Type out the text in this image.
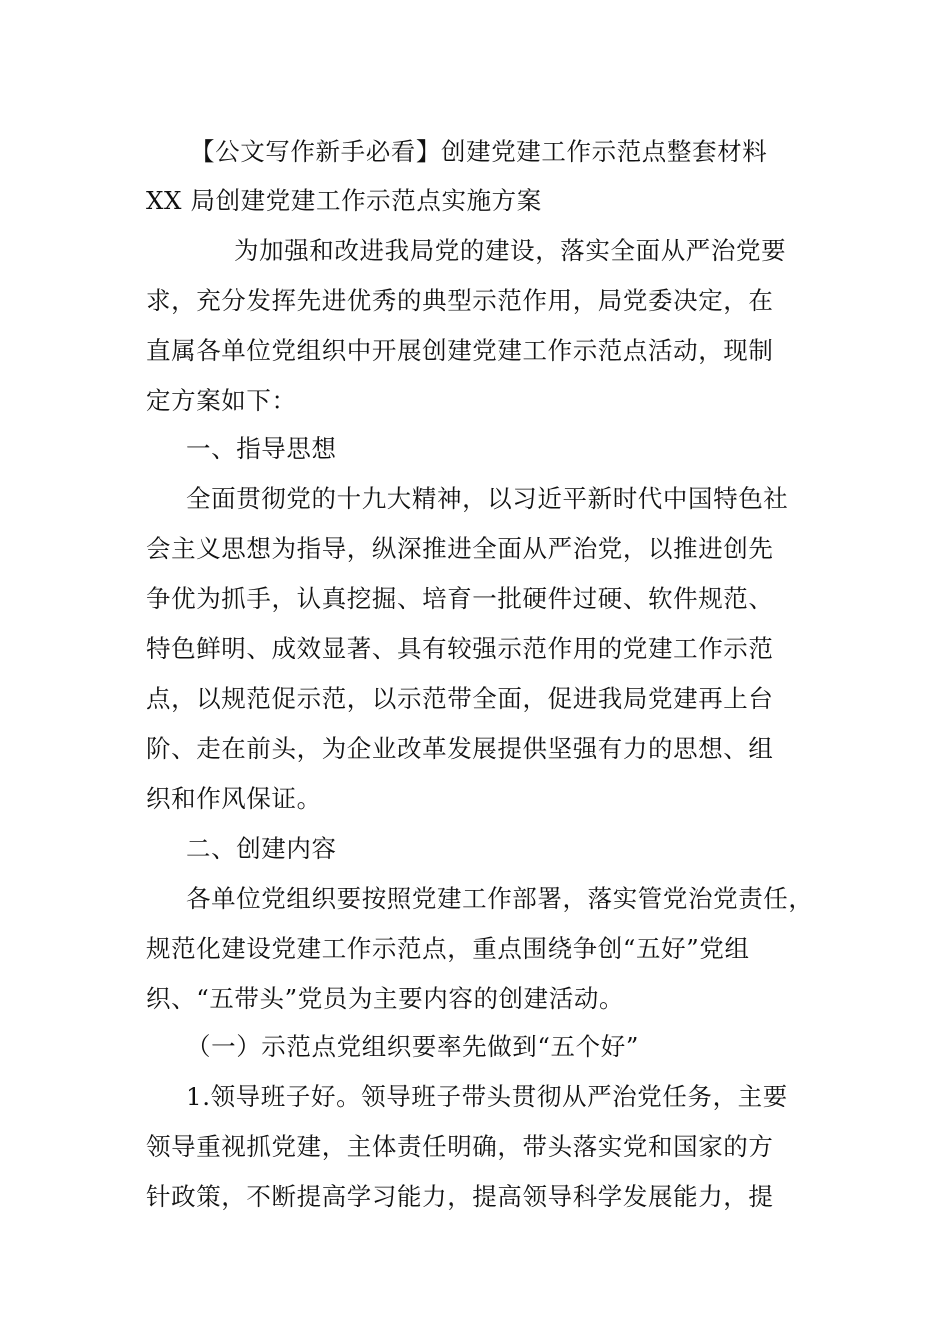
【公文写作新手必看】创建党建工作示范点整套材料
XX 局创建党建工作示范点实施方案
为加强和改进我局党的建设，落实全面从严治党要
求，充分发挥先进优秀的典型示范作用，局党委决定，在
直属各单位党组织中开展创建党建工作示范点活动，现制
定方案如下：
一、指导思想
全面贯彻党的十九大精神，以习近平新时代中国特色社
会主义思想为指导，纵深推进全面从严治党，以推进创先
争优为抓手，认真挖掘、培育一批硬件过硬、软件规范、
特色鲜明、成效显著、具有较强示范作用的党建工作示范
点，以规范促示范，以示范带全面，促进我局党建再上台
阶、走在前头，为企业改革发展提供坚强有力的思想、组
织和作风保证。
二、创建内容
各单位党组织要按照党建工作部署，落实管党治党责任，
规范化建设党建工作示范点，重点围绕争创“五好”党组
织、“五带头”党员为主要内容的创建活动。
（一）示范点党组织要率先做到“五个好”
1.领导班子好。领导班子带头贯彻从严治党任务，主要
领导重视抓党建，主体责任明确，带头落实党和国家的方
针政策，不断提高学习能力，提高领导科学发展能力，提
